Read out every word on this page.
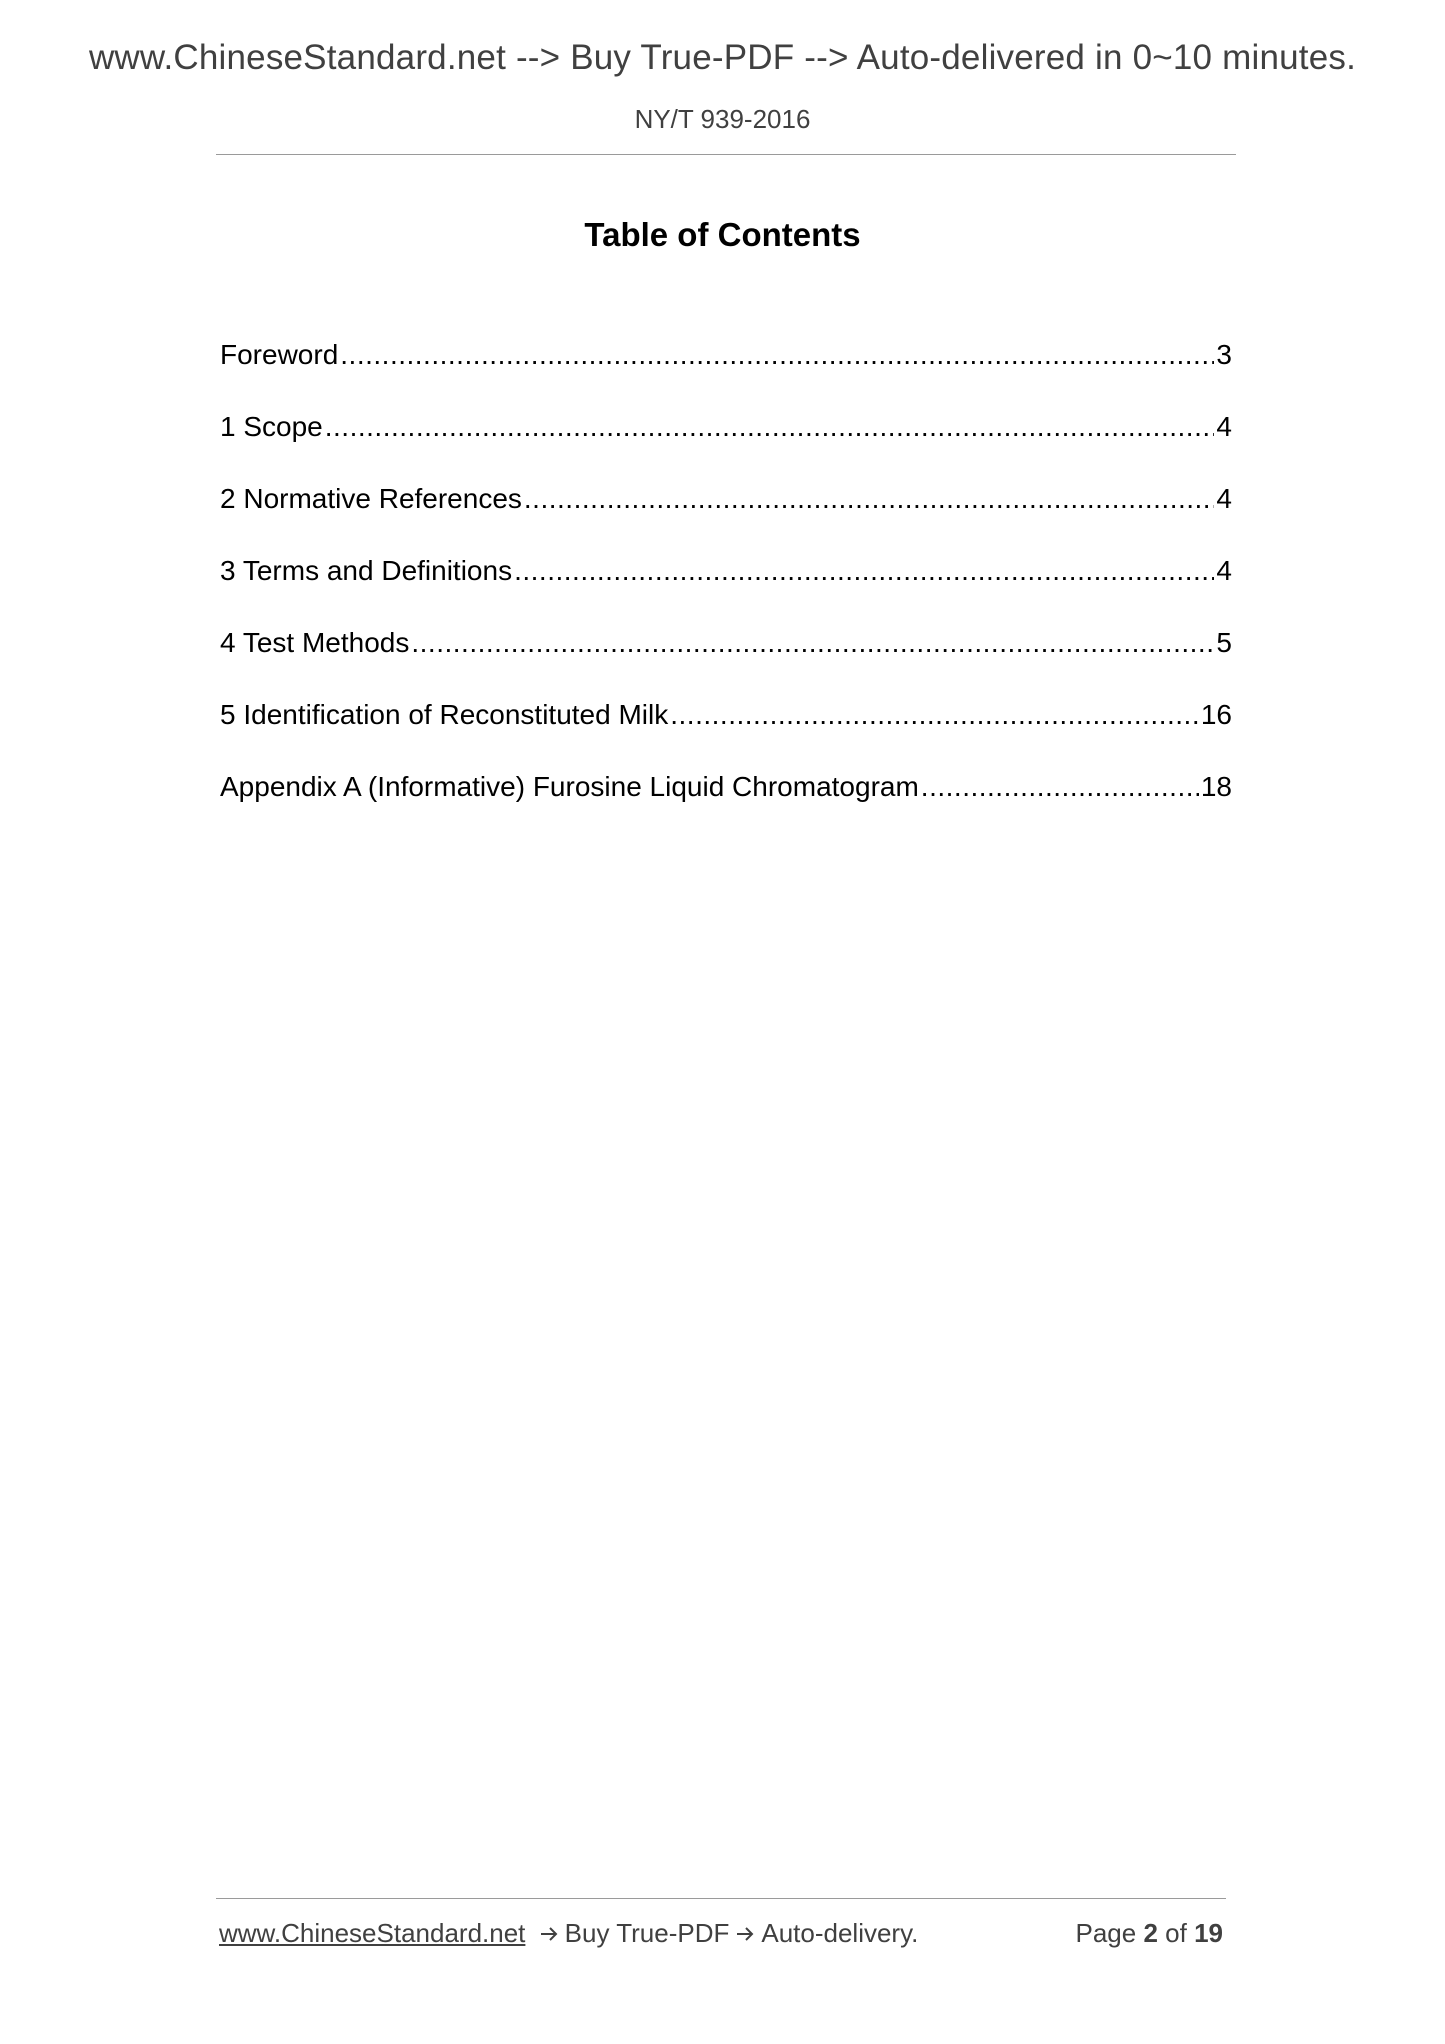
www.ChineseStandard.net --> Buy True-PDF --> Auto-delivered in 0~10 minutes.
NY/T 939-2016
Table of Contents
Foreword .....	3
1 Scope .....	4
2 Normative References .....	4
3 Terms and Definitions .....	4
4 Test Methods .....	5
5 Identification of Reconstituted Milk .....	16
Appendix A (Informative) Furosine Liquid Chromatogram .....	18
www.ChineseStandard.net Buy True-PDF Auto-delivery.	Page 2 of 19
